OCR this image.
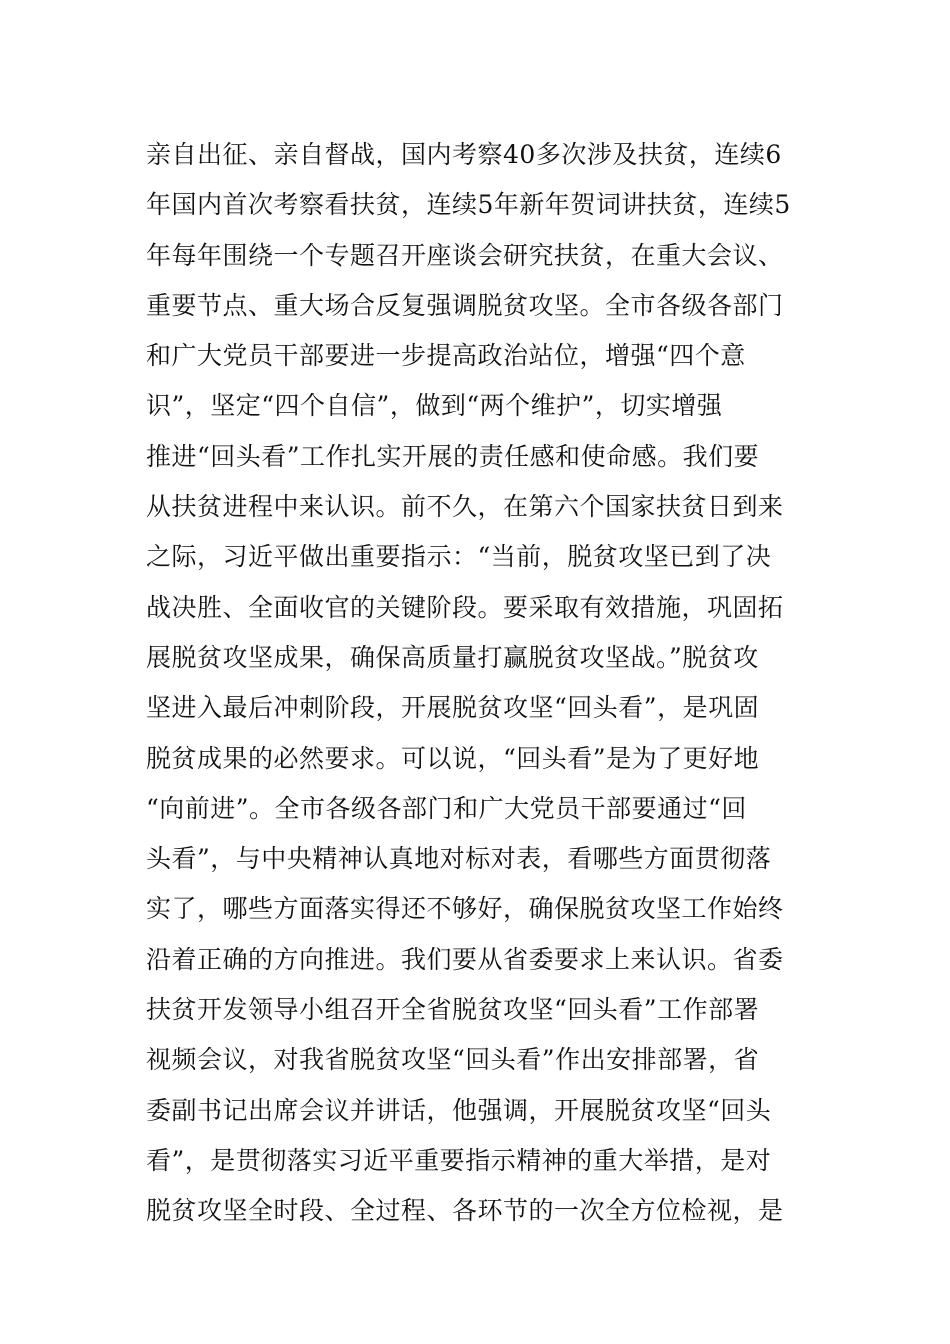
亲自出征、亲自督战，国内考察40多次涉及扶贫，连续6
年国内首次考察看扶贫，连续5年新年贺词讲扶贫，连续5
年每年围绕一个专题召开座谈会研究扶贫，在重大会议、
重要节点、重大场合反复强调脱贫攻坚。全市各级各部门
和广大党员干部要进一步提高政治站位，增强“四个意
识”，坚定“四个自信”，做到“两个维护”，切实增强
推进“回头看”工作扎实开展的责任感和使命感。我们要
从扶贫进程中来认识。前不久，在第六个国家扶贫日到来
之际，习近平做出重要指示：“当前，脱贫攻坚已到了决
战决胜、全面收官的关键阶段。要采取有效措施，巩固拓
展脱贫攻坚成果，确保高质量打赢脱贫攻坚战。”脱贫攻
坚进入最后冲刺阶段，开展脱贫攻坚“回头看”，是巩固
脱贫成果的必然要求。可以说，“回头看”是为了更好地
“向前进”。全市各级各部门和广大党员干部要通过“回
头看”，与中央精神认真地对标对表，看哪些方面贯彻落
实了，哪些方面落实得还不够好，确保脱贫攻坚工作始终
沿着正确的方向推进。我们要从省委要求上来认识。省委
扶贫开发领导小组召开全省脱贫攻坚“回头看”工作部署
视频会议，对我省脱贫攻坚“回头看”作出安排部署，省
委副书记出席会议并讲话，他强调，开展脱贫攻坚“回头
看”，是贯彻落实习近平重要指示精神的重大举措，是对
脱贫攻坚全时段、全过程、各环节的一次全方位检视，是
